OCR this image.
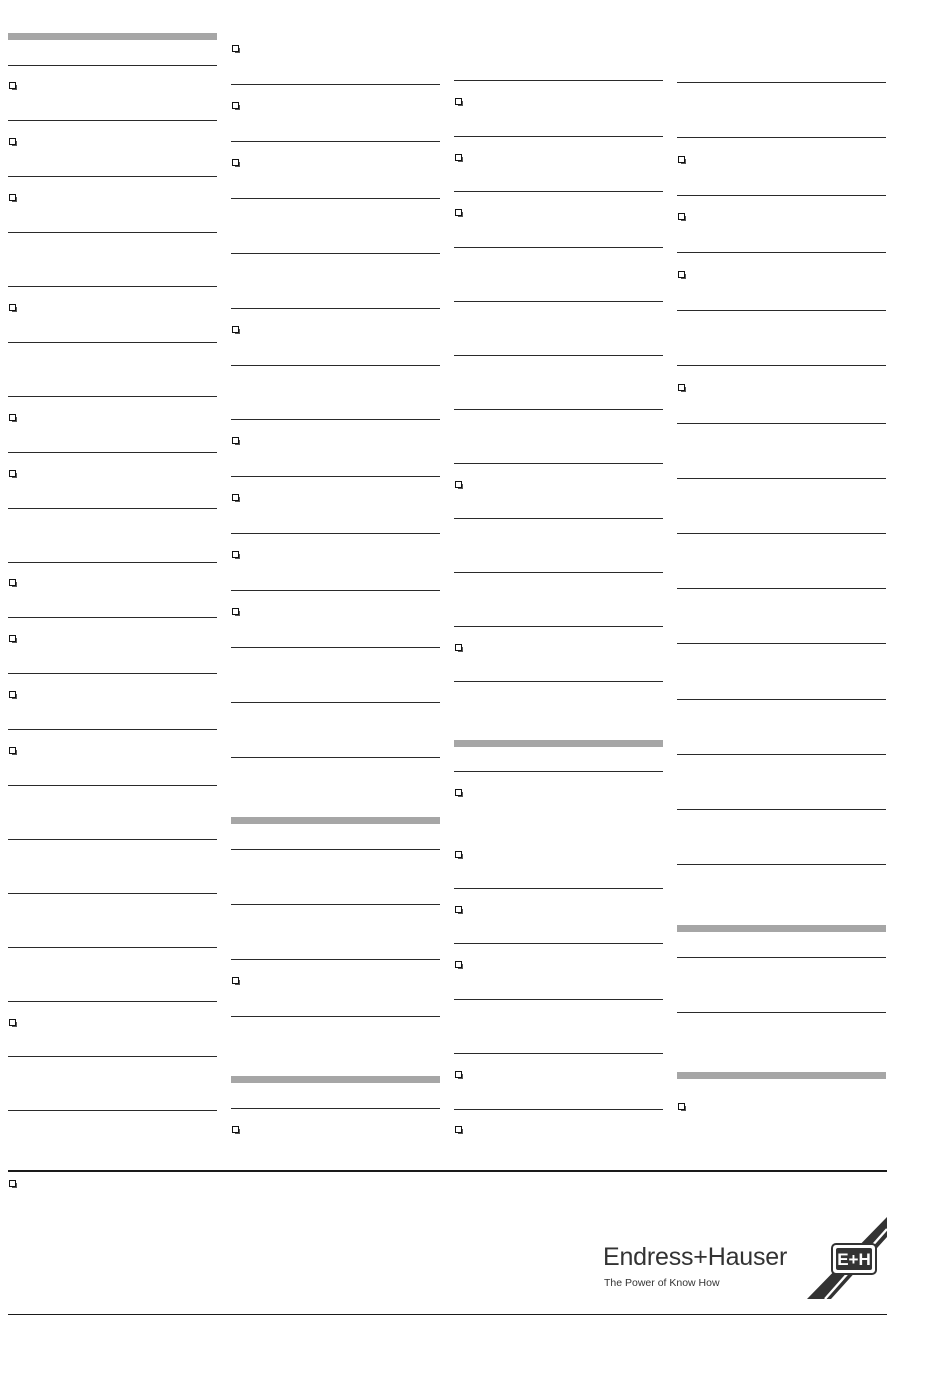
Endress+Hauser
The Power of Know How
E+H
